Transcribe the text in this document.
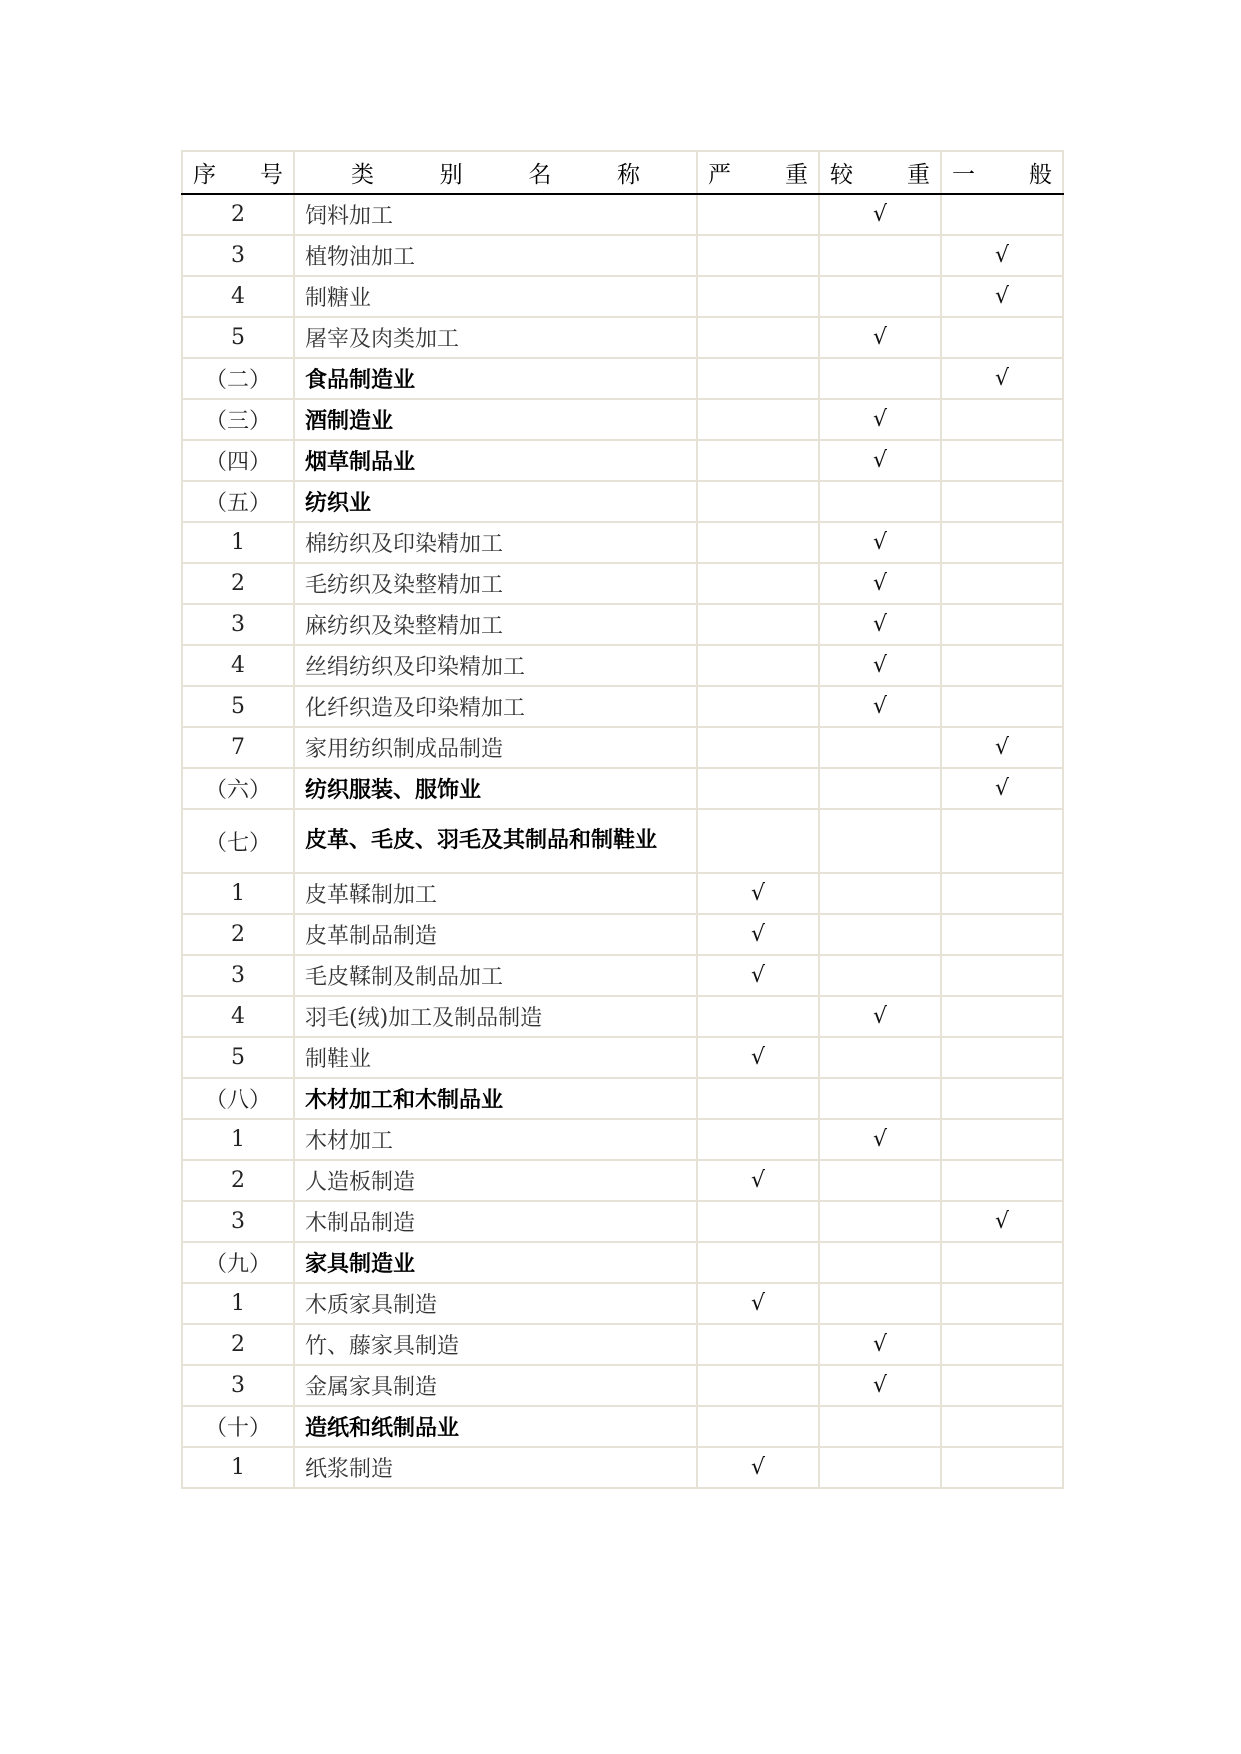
序 号	类 别 名 称	严 重	较 重	一 般

2	饲料加工		√	
3	植物油加工			√
4	制糖业			√
5	屠宰及肉类加工		√	
（二）	食品制造业			√
（三）	酒制造业		√	
（四）	烟草制品业		√	
（五）	纺织业			
1	棉纺织及印染精加工		√	
2	毛纺织及染整精加工		√	
3	麻纺织及染整精加工		√	
4	丝绢纺织及印染精加工		√	
5	化纤织造及印染精加工		√	
7	家用纺织制成品制造			√
（六）	纺织服装、服饰业			√
（七）	皮革、毛皮、羽毛及其制品和制鞋业			
1	皮革鞣制加工	√		
2	皮革制品制造	√		
3	毛皮鞣制及制品加工	√		
4	羽毛(绒)加工及制品制造		√	
5	制鞋业	√		
（八）	木材加工和木制品业			
1	木材加工		√	
2	人造板制造	√		
3	木制品制造			√
（九）	家具制造业			
1	木质家具制造	√		
2	竹、藤家具制造		√	
3	金属家具制造		√	
（十）	造纸和纸制品业			
1	纸浆制造	√		
